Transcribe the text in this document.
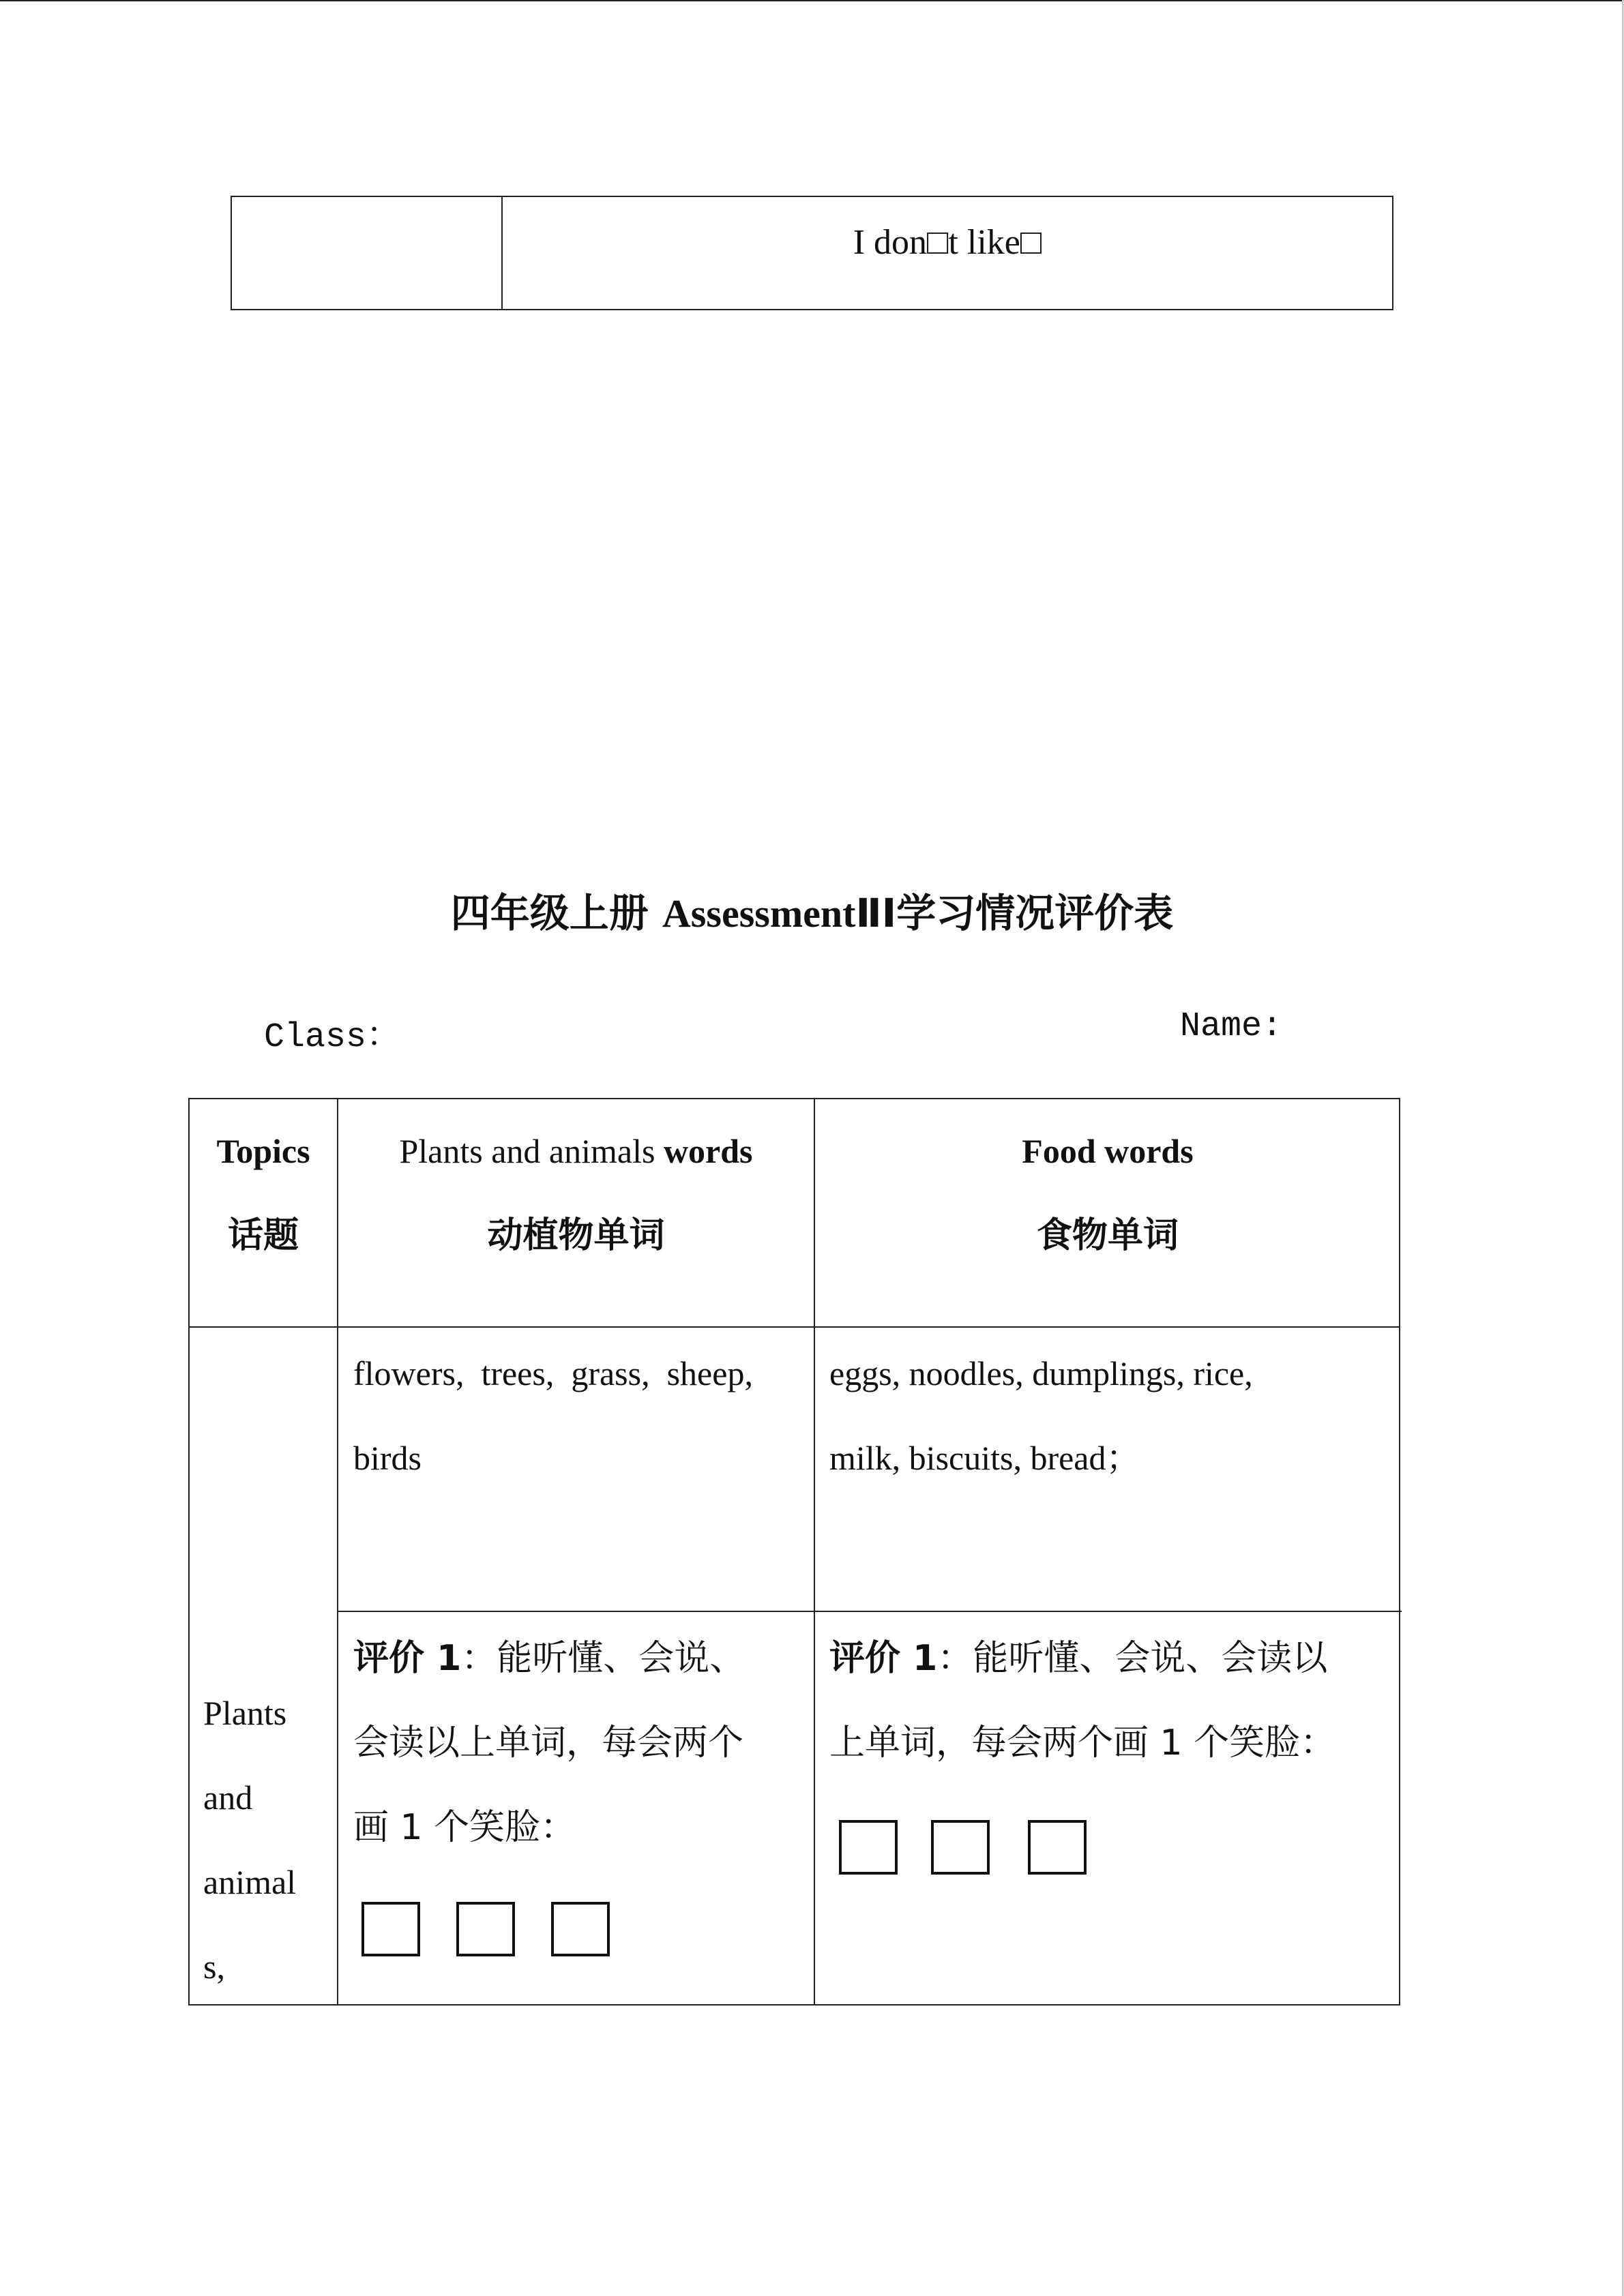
I don□t like□
四年级上册 AssessmentⅡI学习情况评价表
Class：	Name:
Topics
话题
Plants and animals words
动植物单词
Food words
食物单词
Plants
and
animal
s,
flowers,  trees,  grass,  sheep,
birds
eggs, noodles, dumplings, rice,
milk, biscuits, bread；
评价 1：能听懂、会说、
会读以上单词，每会两个
画 1 个笑脸：
评价 1：能听懂、会说、会读以
上单词，每会两个画 1 个笑脸：
